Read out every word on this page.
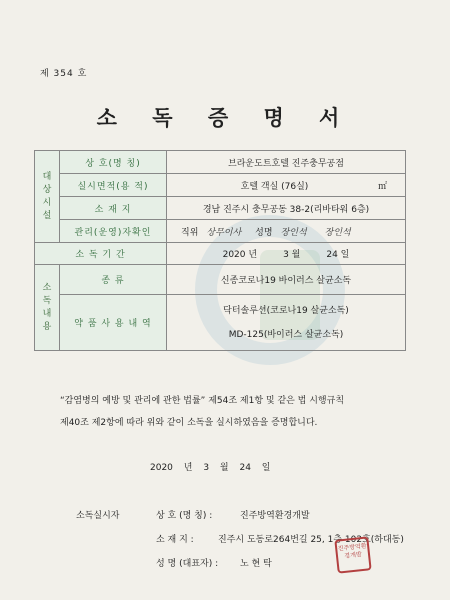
제 354 호
소 독 증 명 서
대상시설	상 호(명 칭)	브라운도트호텔 진주충무공점
	실시면적(용 적)	호텔 객실 (76실) ㎡

	소 재 지	경남 진주시 충무공동 38-2(리바타워 6층)
	관리(운영)자확인	직위 상무이사 성명 장인석 장인석

소 독 기 간		2020 년 3 월 24 일

소독내용	종 류	신종코로나19 바이러스 살균소독
	약 품 사 용 내 역	닥터솔루션(코로나19 살균소독)
MD-125(바이러스 살균소독)
“감염병의 예방 및 관리에 관한 법률” 제54조 제1항 및 같은 법 시행규칙
제40조 제2항에 따라 위와 같이 소독을 실시하였음을 증명합니다.
2020 년 3 월 24 일
소독실시자	상 호 (명 칭) :	진주방역환경개발
소 재 지 :	진주시 도동로264번길 25, 1층 102호(하대동)
성 명 (대표자) : 노 현 탁
진주방역환경개발
